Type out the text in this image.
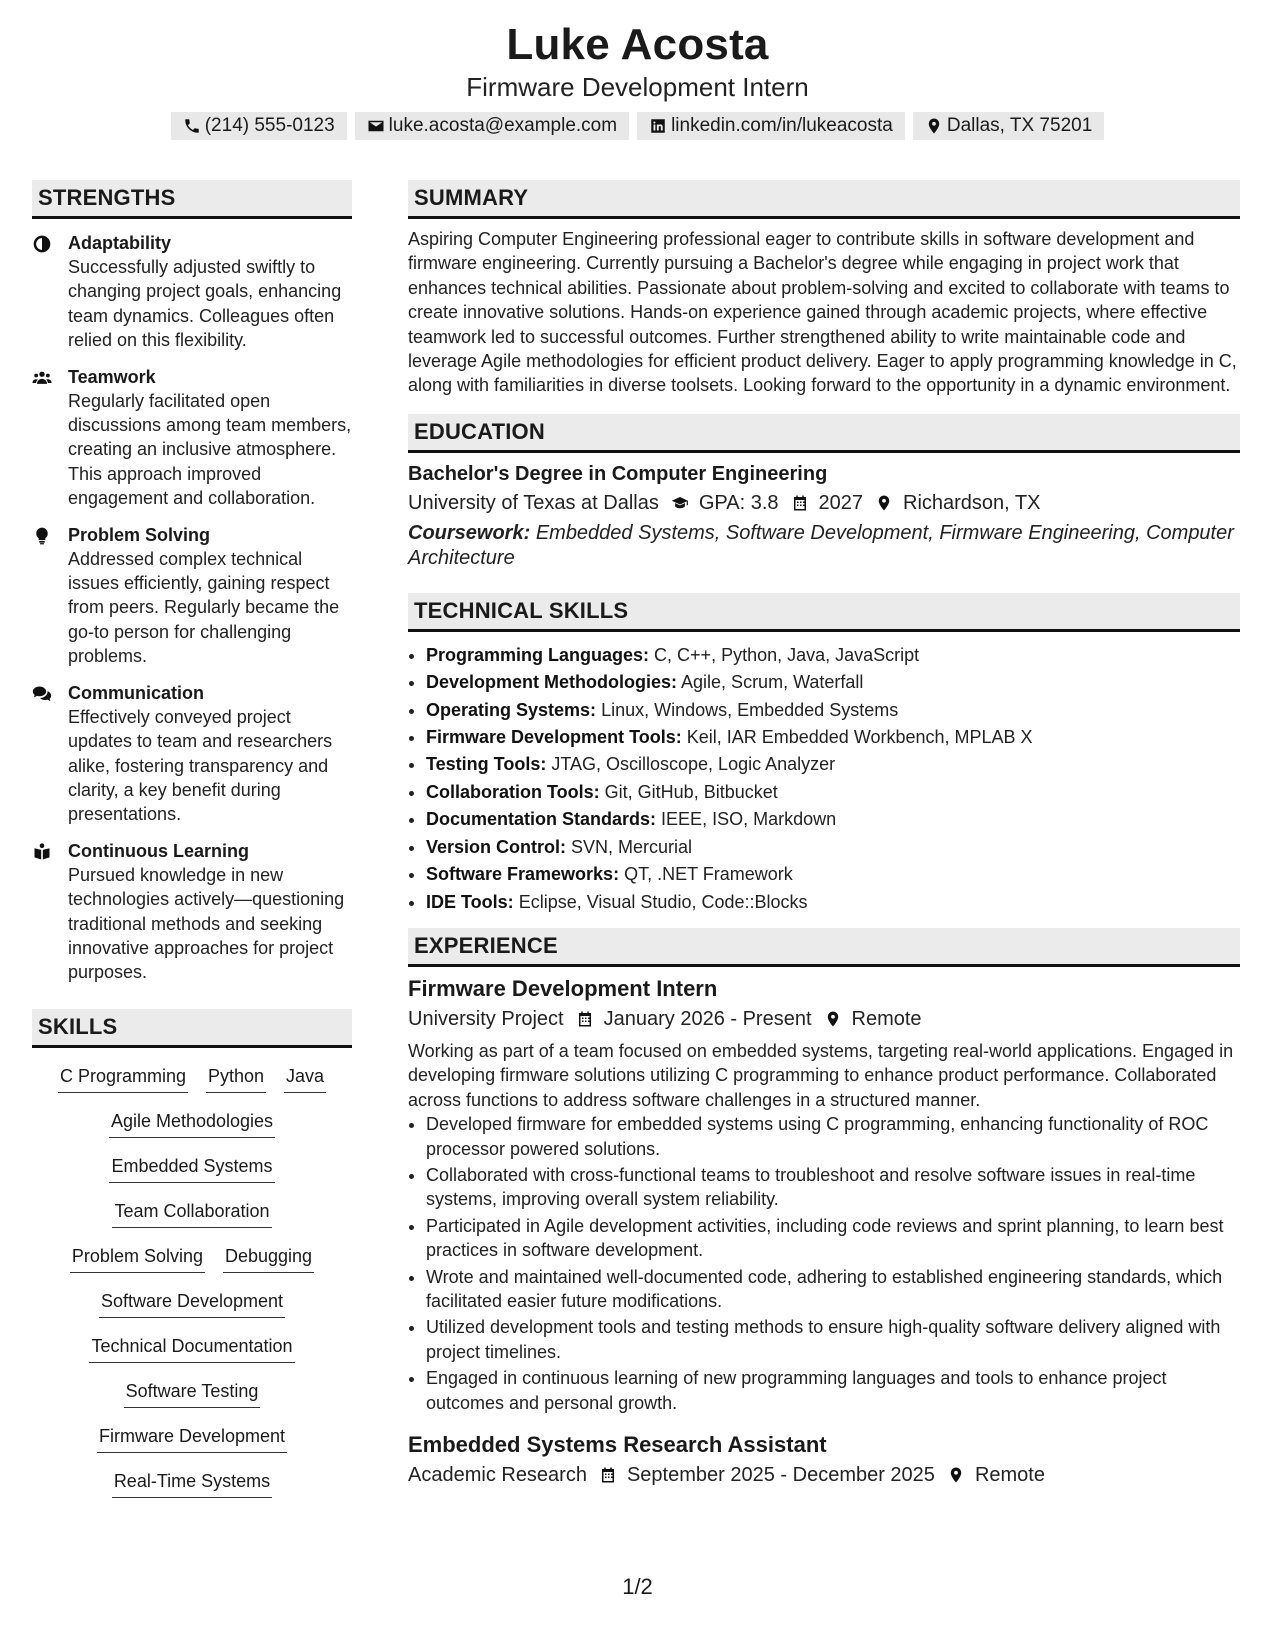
Luke Acosta
Firmware Development Intern
(214) 555-0123	luke.acosta@example.com	linkedin.com/in/lukeacosta	Dallas, TX 75201
STRENGTHS
Adaptability
Successfully adjusted swiftly to changing project goals, enhancing team dynamics. Colleagues often relied on this flexibility.
Teamwork
Regularly facilitated open discussions among team members, creating an inclusive atmosphere. This approach improved engagement and collaboration.
Problem Solving
Addressed complex technical issues efficiently, gaining respect from peers. Regularly became the go-to person for challenging problems.
Communication
Effectively conveyed project updates to team and researchers alike, fostering transparency and clarity, a key benefit during presentations.
Continuous Learning
Pursued knowledge in new technologies actively—questioning traditional methods and seeking innovative approaches for project purposes.
SKILLS
C Programming Python Java
Agile Methodologies
Embedded Systems
Team Collaboration
Problem Solving Debugging
Software Development
Technical Documentation
Software Testing
Firmware Development
Real-Time Systems
SUMMARY
Aspiring Computer Engineering professional eager to contribute skills in software development and firmware engineering. Currently pursuing a Bachelor's degree while engaging in project work that enhances technical abilities. Passionate about problem-solving and excited to collaborate with teams to create innovative solutions. Hands-on experience gained through academic projects, where effective teamwork led to successful outcomes. Further strengthened ability to write maintainable code and leverage Agile methodologies for efficient product delivery. Eager to apply programming knowledge in C, along with familiarities in diverse toolsets. Looking forward to the opportunity in a dynamic environment.
EDUCATION
Bachelor's Degree in Computer Engineering
University of Texas at Dallas GPA: 3.8 2027 Richardson, TX
Coursework: Embedded Systems, Software Development, Firmware Engineering, Computer Architecture
TECHNICAL SKILLS
• Programming Languages: C, C++, Python, Java, JavaScript
• Development Methodologies: Agile, Scrum, Waterfall
• Operating Systems: Linux, Windows, Embedded Systems
• Firmware Development Tools: Keil, IAR Embedded Workbench, MPLAB X
• Testing Tools: JTAG, Oscilloscope, Logic Analyzer
• Collaboration Tools: Git, GitHub, Bitbucket
• Documentation Standards: IEEE, ISO, Markdown
• Version Control: SVN, Mercurial
• Software Frameworks: QT, .NET Framework
• IDE Tools: Eclipse, Visual Studio, Code::Blocks
EXPERIENCE
Firmware Development Intern
University Project January 2026 - Present Remote
Working as part of a team focused on embedded systems, targeting real-world applications. Engaged in developing firmware solutions utilizing C programming to enhance product performance. Collaborated across functions to address software challenges in a structured manner.
• Developed firmware for embedded systems using C programming, enhancing functionality of ROC processor powered solutions.
• Collaborated with cross-functional teams to troubleshoot and resolve software issues in real-time systems, improving overall system reliability.
• Participated in Agile development activities, including code reviews and sprint planning, to learn best practices in software development.
• Wrote and maintained well-documented code, adhering to established engineering standards, which facilitated easier future modifications.
• Utilized development tools and testing methods to ensure high-quality software delivery aligned with project timelines.
• Engaged in continuous learning of new programming languages and tools to enhance project outcomes and personal growth.
Embedded Systems Research Assistant
Academic Research September 2025 - December 2025 Remote
1/2
